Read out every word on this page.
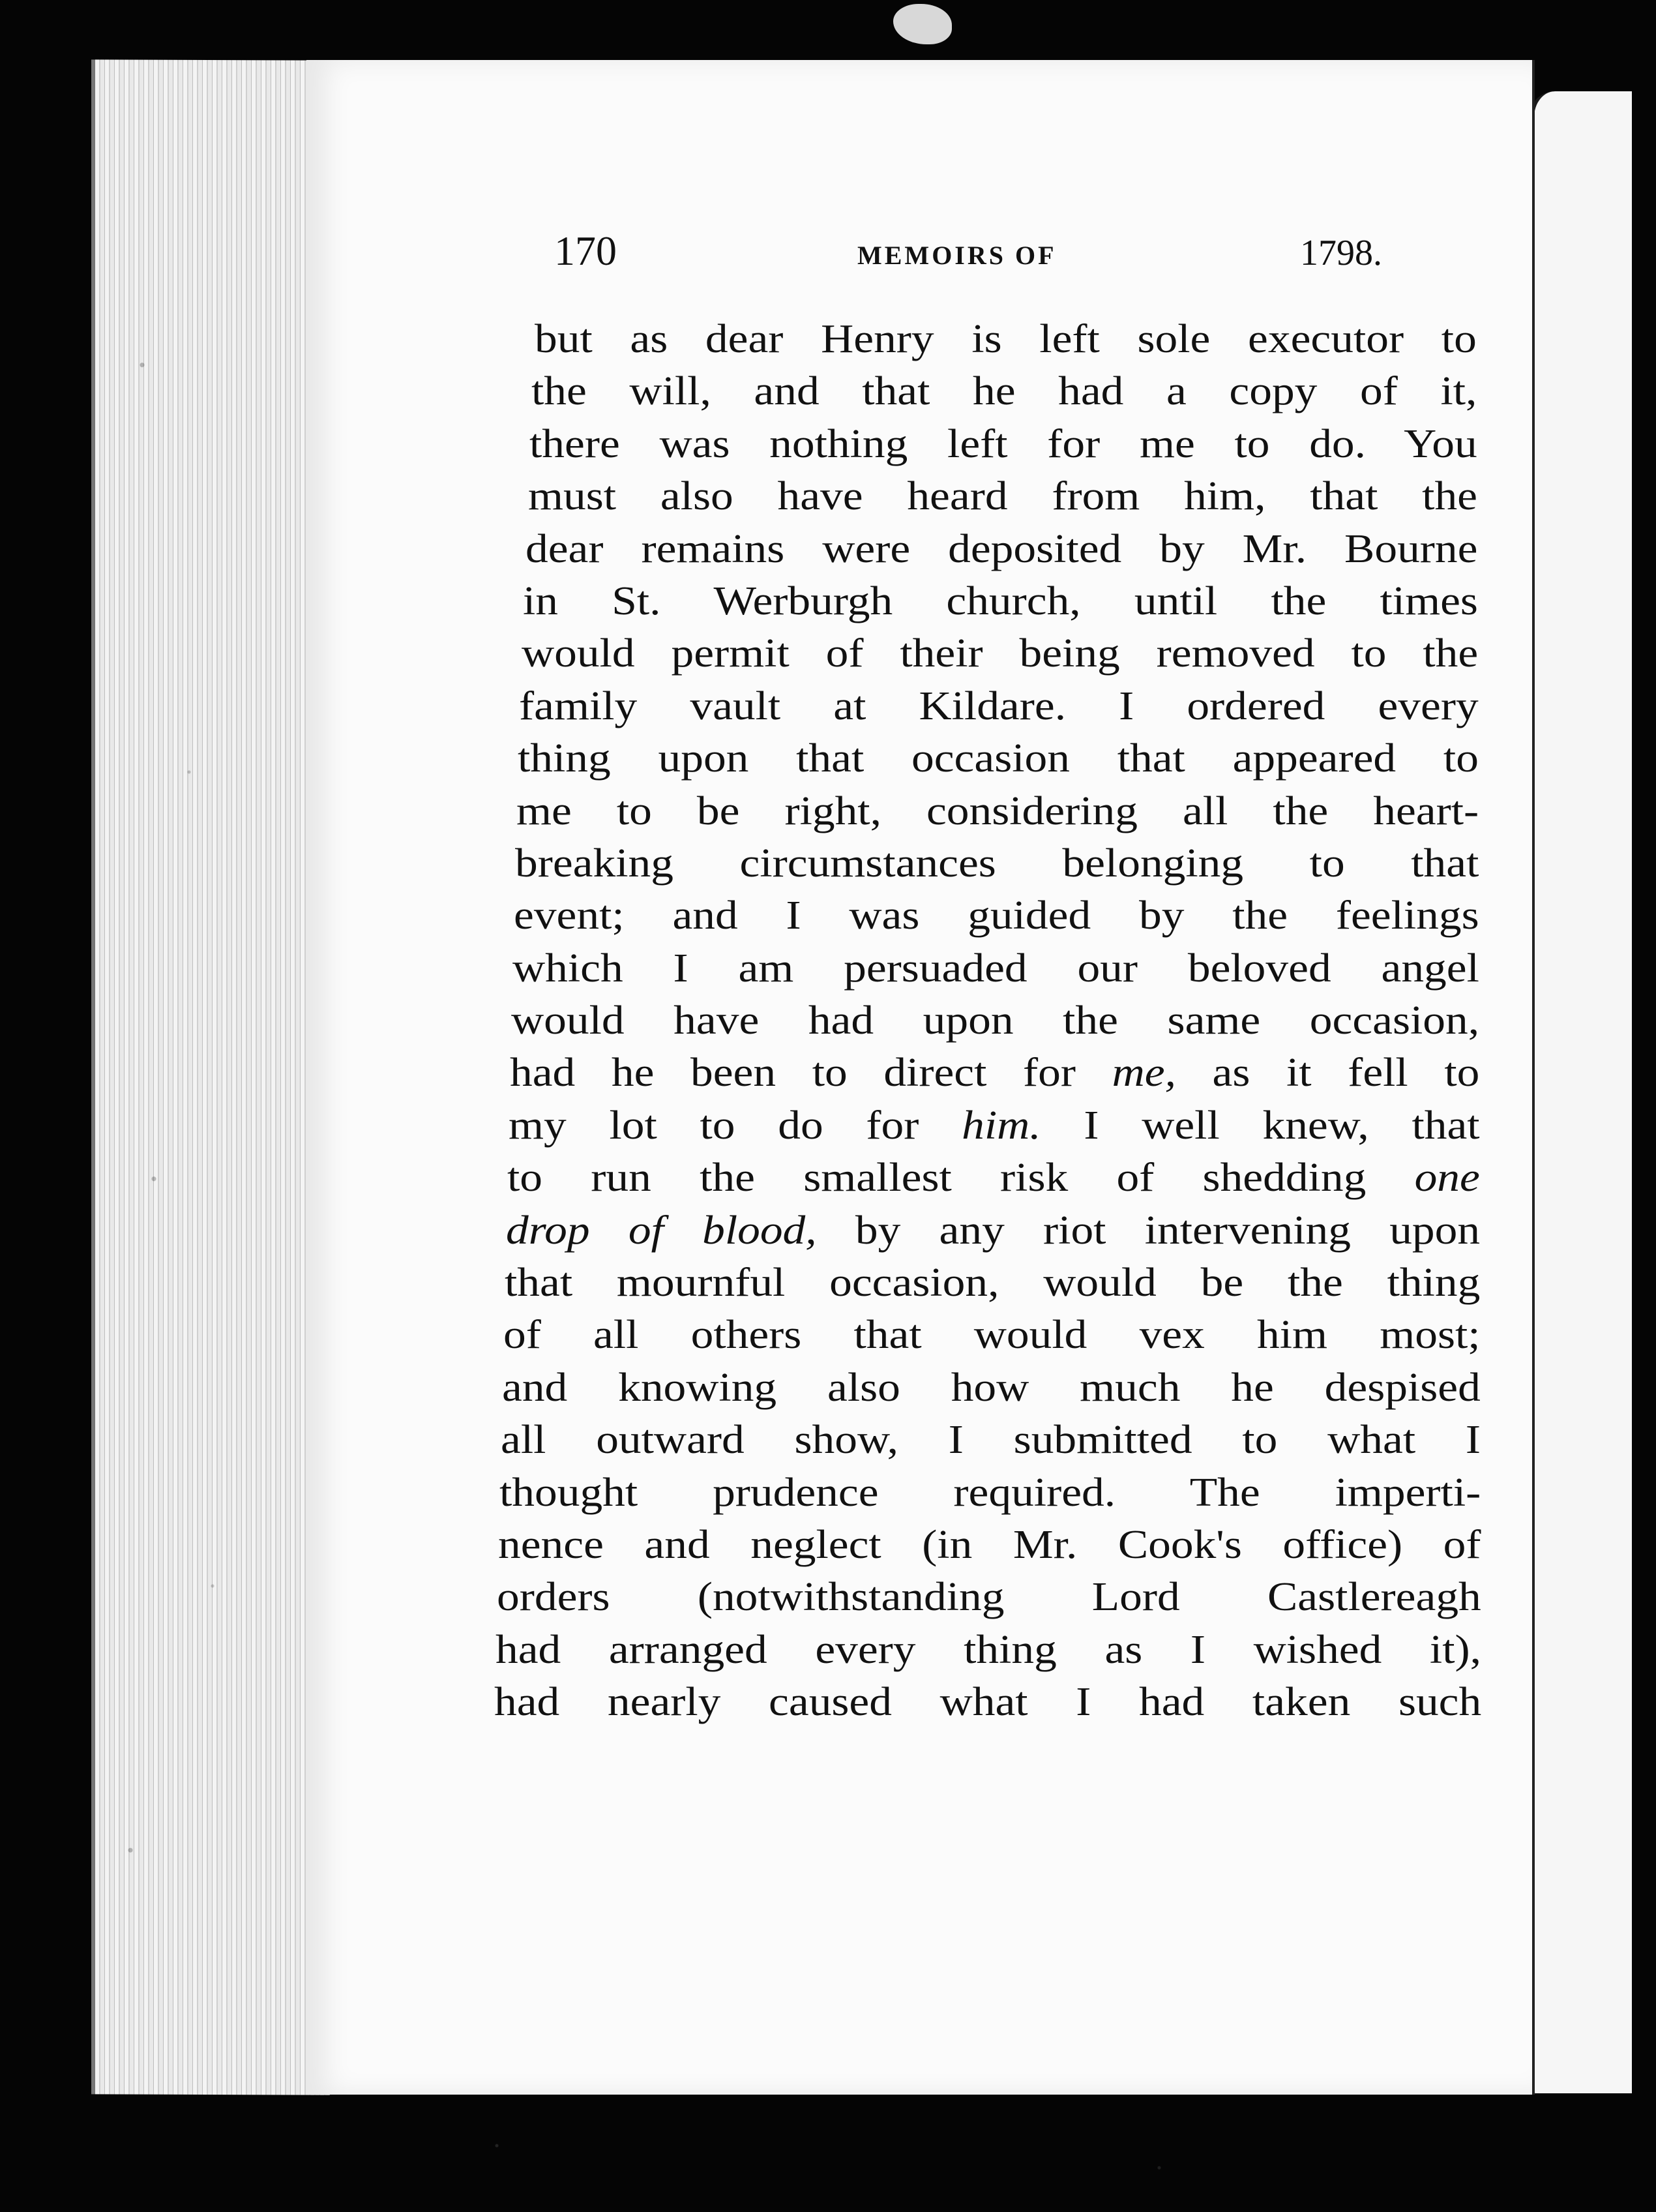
170	MEMOIRS OF	1798.
but as dear Henry is left sole executor to
the will, and that he had a copy of it,
there was nothing left for me to do. You
must also have heard from him, that the
dear remains were deposited by Mr. Bourne
in St. Werburgh church, until the times
would permit of their being removed to the
family vault at Kildare. I ordered every
thing upon that occasion that appeared to
me to be right, considering all the heart-
breaking circumstances belonging to that
event; and I was guided by the feelings
which I am persuaded our beloved angel
would have had upon the same occasion,
had he been to direct for me, as it fell to
my lot to do for him. I well knew, that
to run the smallest risk of shedding one
drop of blood, by any riot intervening upon
that mournful occasion, would be the thing
of all others that would vex him most;
and knowing also how much he despised
all outward show, I submitted to what I
thought prudence required. The imperti-
nence and neglect (in Mr. Cook's office) of
orders (notwithstanding Lord Castlereagh
had arranged every thing as I wished it),
had nearly caused what I had taken such
